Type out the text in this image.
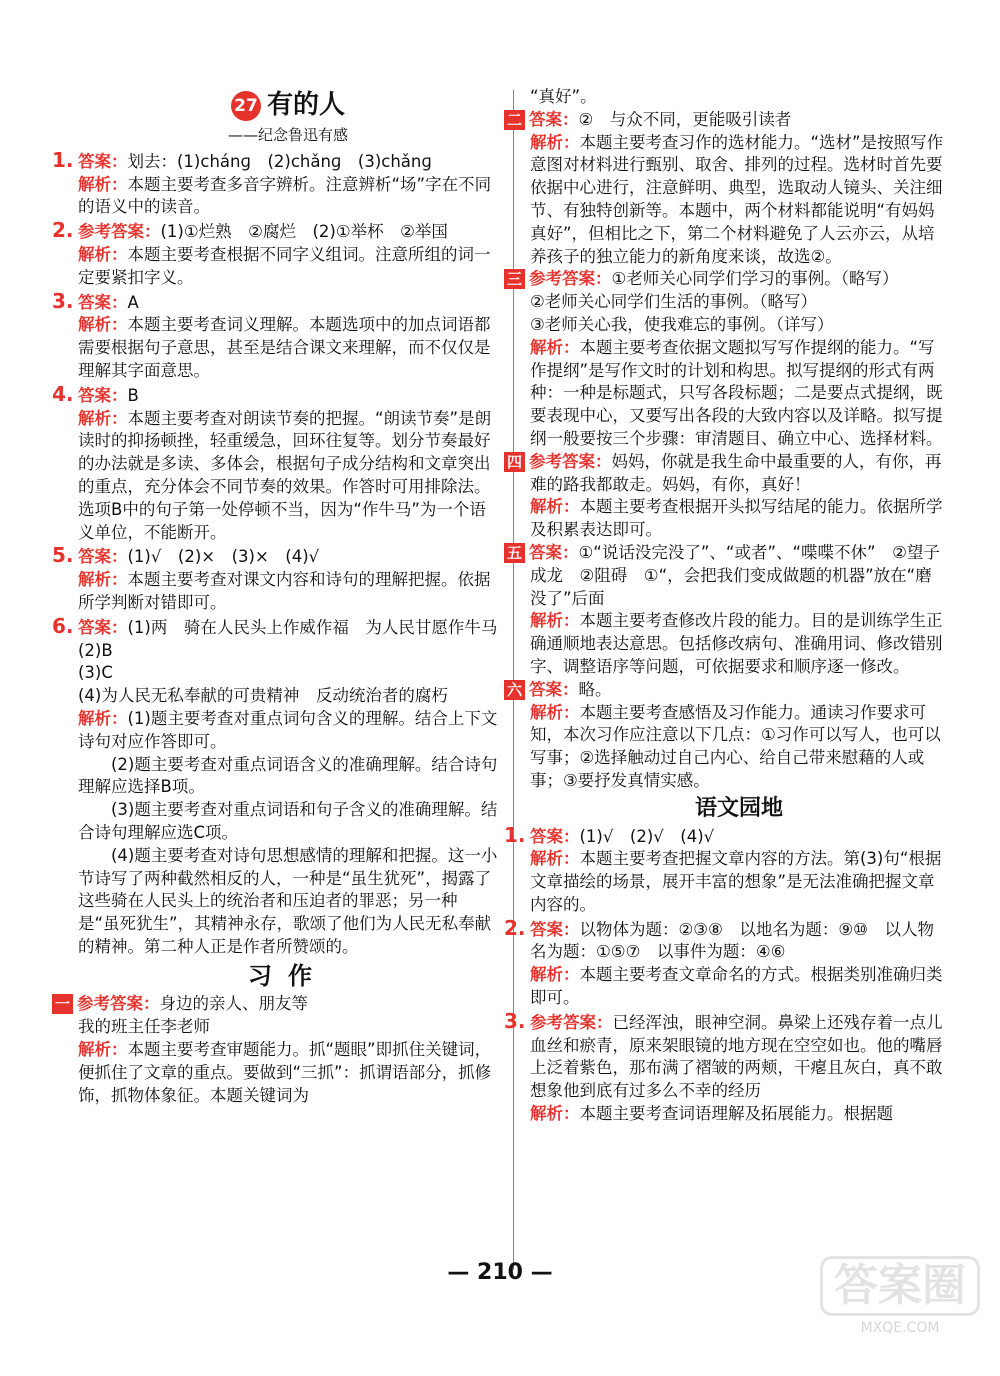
27 有的人
——纪念鲁迅有感
1. 答案：划去：(1)chánɡ　(2)chǎnɡ　(3)chǎnɡ
解析：本题主要考查多音字辨析。注意辨析“场”字在不同的语义中的读音。
2. 参考答案：(1)①烂熟　②腐烂　(2)①举杯　②举国
解析：本题主要考查根据不同字义组词。注意所组的词一定要紧扣字义。
3. 答案：A
解析：本题主要考查词义理解。本题选项中的加点词语都需要根据句子意思，甚至是结合课文来理解，而不仅仅是理解其字面意思。
4. 答案：B
解析：本题主要考查对朗读节奏的把握。“朗读节奏”是朗读时的抑扬顿挫，轻重缓急，回环往复等。划分节奏最好的办法就是多读、多体会，根据句子成分结构和文章突出的重点，充分体会不同节奏的效果。作答时可用排除法。选项B中的句子第一处停顿不当，因为“作牛马”为一个语义单位，不能断开。
5. 答案：(1)√　(2)×　(3)×　(4)√
解析：本题主要考查对课文内容和诗句的理解把握。依据所学判断对错即可。
6. 答案：(1)两　骑在人民头上作威作福　为人民甘愿作牛马
(2)B
(3)C
(4)为人民无私奉献的可贵精神　反动统治者的腐朽
解析：(1)题主要考查对重点词句含义的理解。结合上下文诗句对应作答即可。
(2)题主要考查对重点词语含义的准确理解。结合诗句理解应选择B项。
(3)题主要考查对重点词语和句子含义的准确理解。结合诗句理解应选C项。
(4)题主要考查对诗句思想感情的理解和把握。这一小节诗写了两种截然相反的人，一种是“虽生犹死”，揭露了这些骑在人民头上的统治者和压迫者的罪恶；另一种是“虽死犹生”，其精神永存，歌颂了他们为人民无私奉献的精神。第二种人正是作者所赞颂的。
习作
一 参考答案：身边的亲人、朋友等
我的班主任李老师
解析：本题主要考查审题能力。抓“题眼”即抓住关键词，便抓住了文章的重点。要做到“三抓”：抓谓语部分，抓修饰，抓物体象征。本题关键词为
“真好”。
二 答案：②　与众不同，更能吸引读者
解析：本题主要考查习作的选材能力。“选材”是按照写作意图对材料进行甄别、取舍、排列的过程。选材时首先要依据中心进行，注意鲜明、典型，选取动人镜头、关注细节、有独特创新等。本题中，两个材料都能说明“有妈妈真好”，但相比之下，第二个材料避免了人云亦云，从培养孩子的独立能力的新角度来谈，故选②。
三 参考答案：①老师关心同学们学习的事例。（略写）
②老师关心同学们生活的事例。（略写）
③老师关心我，使我难忘的事例。（详写）
解析：本题主要考查依据文题拟写写作提纲的能力。“写作提纲”是写作文时的计划和构思。拟写提纲的形式有两种：一种是标题式，只写各段标题；二是要点式提纲，既要表现中心，又要写出各段的大致内容以及详略。拟写提纲一般要按三个步骤：审清题目、确立中心、选择材料。
四 参考答案：妈妈，你就是我生命中最重要的人，有你，再难的路我都敢走。妈妈，有你，真好！
解析：本题主要考查根据开头拟写结尾的能力。依据所学及积累表达即可。
五 答案：①“说话没完没了”、“或者”、“喋喋不休”　②望子成龙　②阻碍　①“，会把我们变成做题的机器”放在“磨没了”后面
解析：本题主要考查修改片段的能力。目的是训练学生正确通顺地表达意思。包括修改病句、准确用词、修改错别字、调整语序等问题，可依据要求和顺序逐一修改。
六 答案：略。
解析：本题主要考查感悟及习作能力。通读习作要求可知，本次习作应注意以下几点：①习作可以写人，也可以写事；②选择触动过自己内心、给自己带来慰藉的人或事；③要抒发真情实感。
语文园地
1. 答案：(1)√　(2)√　(4)√
解析：本题主要考查把握文章内容的方法。第(3)句“根据文章描绘的场景，展开丰富的想象”是无法准确把握文章内容的。
2. 答案：以物体为题：②③⑧　以地名为题：⑨⑩　以人物名为题：①⑤⑦　以事件为题：④⑥
解析：本题主要考查文章命名的方式。根据类别准确归类即可。
3. 参考答案：已经浑浊，眼神空洞。鼻梁上还残存着一点儿血丝和瘀青，原来架眼镜的地方现在空空如也。他的嘴唇上泛着紫色，那布满了褶皱的两颊，干瘪且灰白，真不敢想象他到底有过多么不幸的经历
解析：本题主要考查词语理解及拓展能力。根据题
— 210 —	答案圈
MXQE.COM
